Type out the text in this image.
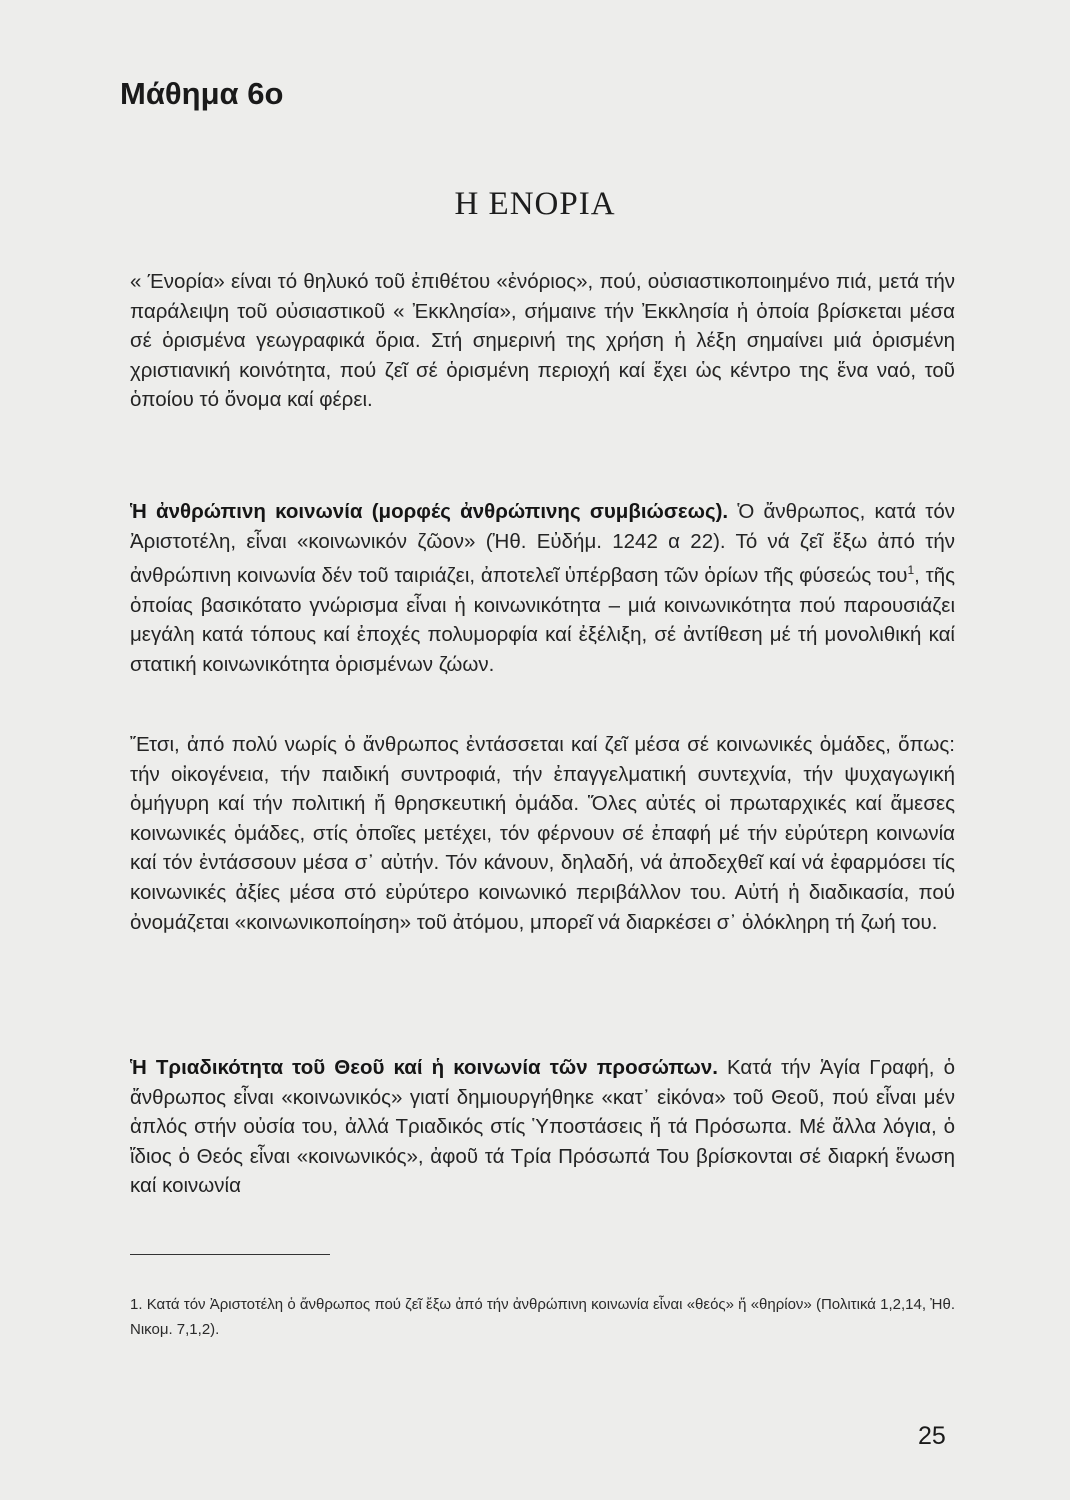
Μάθημα 6ο
Η ΕΝΟΡΙΑ

« Ένορία» είναι τό θηλυκό τοῦ ἐπιθέτου «ἐνόριος», πού, οὐσιαστικοποιημένο πιά, μετά τήν παράλειψη τοῦ οὐσιαστικοῦ « Ἐκκλησία», σήμαινε τήν Ἐκκλησία ἡ ὁποία βρίσκεται μέσα σέ ὁρισμένα γεωγραφικά ὅρια. Στή σημερινή της χρήση ἡ λέξη σημαίνει μιά ὁρισμένη χριστιανική κοινότητα, πού ζεῖ σέ ὁρισμένη περιοχή καί ἔχει ὡς κέντρο της ἕνα ναό, τοῦ ὁποίου τό ὄνομα καί φέρει.

Ἡ ἀνθρώπινη κοινωνία (μορφές ἀνθρώπινης συμβιώσεως). Ὁ ἄνθρωπος, κατά τόν Ἀριστοτέλη, εἶναι «κοινωνικόν ζῶον» (Ἠθ. Εὐδήμ. 1242 α 22). Τό νά ζεῖ ἔξω ἀπό τήν ἀνθρώπινη κοινωνία δέν τοῦ ταιριάζει, ἀποτελεῖ ὑπέρβαση τῶν ὁρίων τῆς φύσεώς του$^1$, τῆς ὁποίας βασικότατο γνώρισμα εἶναι ἡ κοινωνικότητα – μιά κοινωνικότητα πού παρουσιάζει μεγάλη κατά τόπους καί ἐποχές πολυμορφία καί ἐξέλιξη, σέ ἀντίθεση μέ τή μονολιθική καί στατική κοινωνικότητα ὁρισμένων ζώων.

Ἔτσι, ἀπό πολύ νωρίς ὁ ἄνθρωπος ἐντάσσεται καί ζεῖ μέσα σέ κοινωνικές ὁμάδες, ὅπως: τήν οἰκογένεια, τήν παιδική συντροφιά, τήν ἐπαγγελματική συντεχνία, τήν ψυχαγωγική ὁμήγυρη καί τήν πολιτική ἤ θρησκευτική ὁμάδα. Ὅλες αὐτές οἱ πρωταρχικές καί ἄμεσες κοινωνικές ὁμάδες, στίς ὁποῖες μετέχει, τόν φέρνουν σέ ἐπαφή μέ τήν εὐρύτερη κοινωνία καί τόν ἐντάσσουν μέσα σ᾽ αὐτήν. Τόν κάνουν, δηλαδή, νά ἀποδεχθεῖ καί νά ἐφαρμόσει τίς κοινωνικές ἀξίες μέσα στό εὐρύτερο κοινωνικό περιβάλλον του. Αὐτή ἡ διαδικασία, πού ὀνομάζεται «κοινωνικοποίηση» τοῦ ἀτόμου, μπορεῖ νά διαρκέσει σ᾽ ὁλόκληρη τή ζωή του.

Ἡ Τριαδικότητα τοῦ Θεοῦ καί ἡ κοινωνία τῶν προσώπων. Κατά τήν Ἁγία Γραφή, ὁ ἄνθρωπος εἶναι «κοινωνικός» γιατί δημιουργήθηκε «κατ᾽ εἰκόνα» τοῦ Θεοῦ, πού εἶναι μέν ἁπλός στήν οὐσία του, ἀλλά Τριαδικός στίς Ὑποστάσεις ἤ τά Πρόσωπα. Μέ ἄλλα λόγια, ὁ ἴδιος ὁ Θεός εἶναι «κοινωνικός», ἀφοῦ τά Τρία Πρόσωπά Του βρίσκονται σέ διαρκή ἕνωση καί κοινωνία

1. Κατά τόν Ἀριστοτέλη ὁ ἄνθρωπος πού ζεῖ ἔξω ἀπό τήν ἀνθρώπινη κοινωνία εἶναι «θεός» ἤ «θηρίον» (Πολιτικά 1,2,14, Ἠθ. Νικομ. 7,1,2).

25
